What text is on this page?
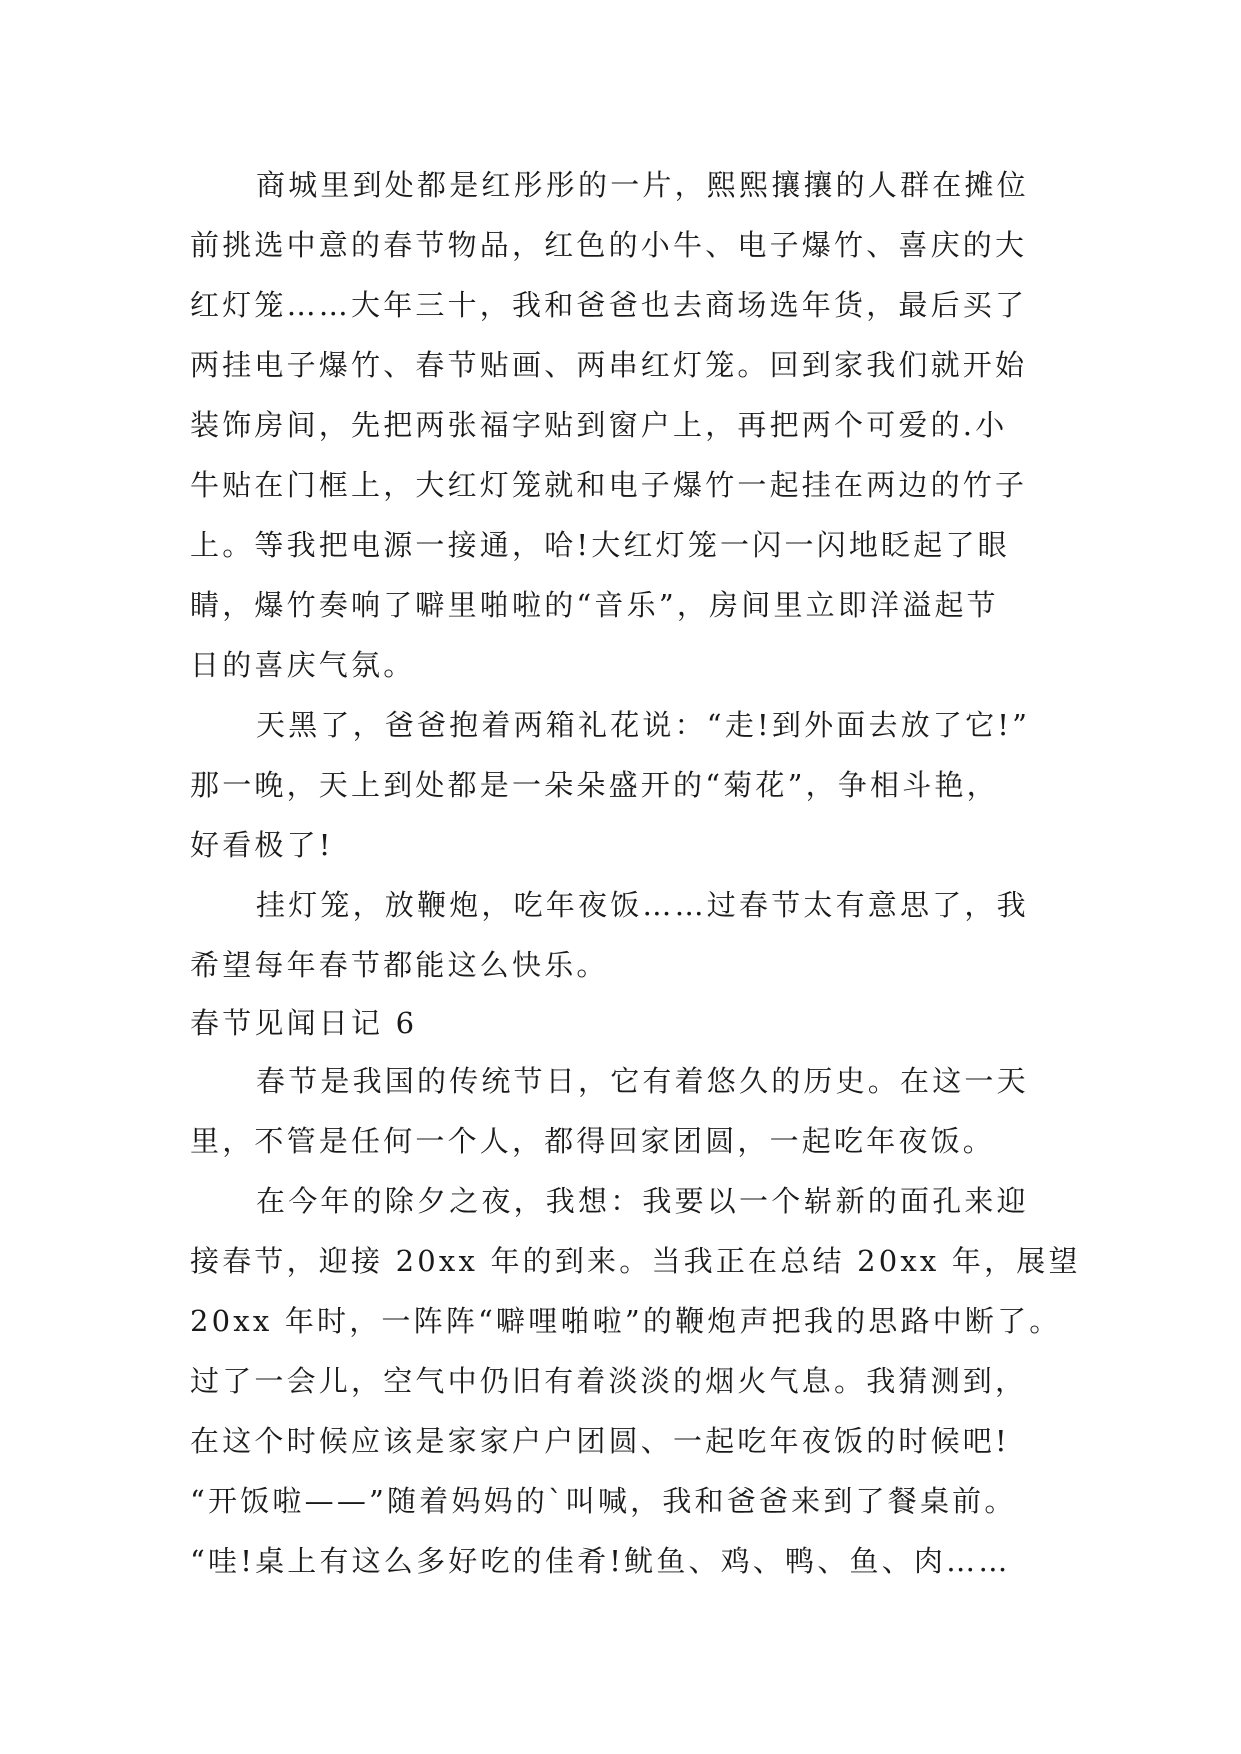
商城里到处都是红彤彤的一片，熙熙攘攘的人群在摊位
前挑选中意的春节物品，红色的小牛、电子爆竹、喜庆的大
红灯笼……大年三十，我和爸爸也去商场选年货，最后买了
两挂电子爆竹、春节贴画、两串红灯笼。回到家我们就开始
装饰房间，先把两张福字贴到窗户上，再把两个可爱的.小
牛贴在门框上，大红灯笼就和电子爆竹一起挂在两边的竹子
上。等我把电源一接通，哈!大红灯笼一闪一闪地眨起了眼
睛，爆竹奏响了噼里啪啦的“音乐”，房间里立即洋溢起节
日的喜庆气氛。
天黑了，爸爸抱着两箱礼花说：“走!到外面去放了它!”
那一晚，天上到处都是一朵朵盛开的“菊花”，争相斗艳，
好看极了!
挂灯笼，放鞭炮，吃年夜饭……过春节太有意思了，我
希望每年春节都能这么快乐。
春节见闻日记 6
春节是我国的传统节日，它有着悠久的历史。在这一天
里，不管是任何一个人，都得回家团圆，一起吃年夜饭。
在今年的除夕之夜，我想：我要以一个崭新的面孔来迎
接春节，迎接 20xx 年的到来。当我正在总结 20xx 年，展望
20xx 年时，一阵阵“噼哩啪啦”的鞭炮声把我的思路中断了。
过了一会儿，空气中仍旧有着淡淡的烟火气息。我猜测到，
在这个时候应该是家家户户团圆、一起吃年夜饭的时候吧!
“开饭啦——”随着妈妈的`叫喊，我和爸爸来到了餐桌前。
“哇!桌上有这么多好吃的佳肴!鱿鱼、鸡、鸭、鱼、肉……
